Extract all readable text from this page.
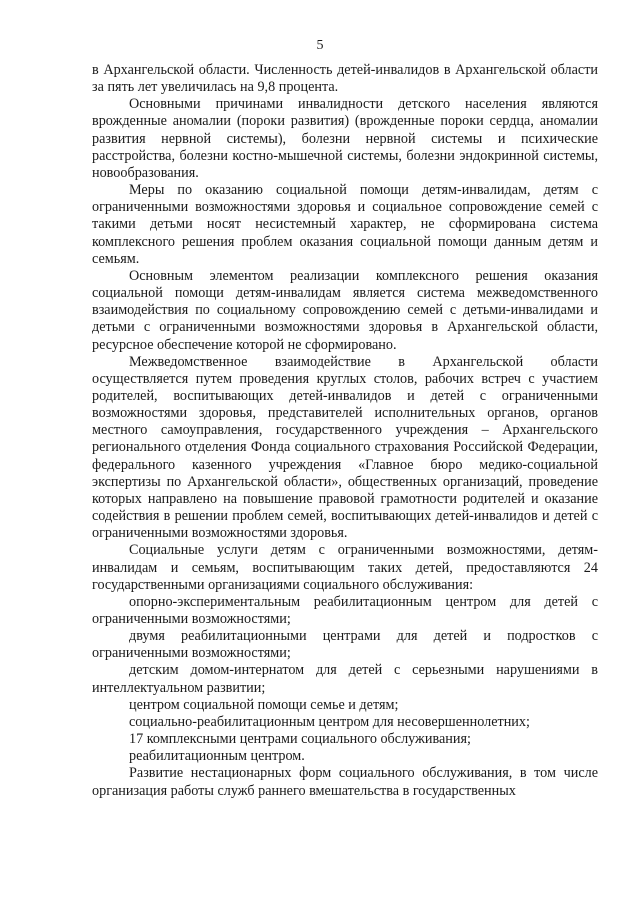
5

в Архангельской области. Численность детей-инвалидов в Архангельской области за пять лет увеличилась на 9,8 процента.

Основными причинами инвалидности детского населения являются врожденные аномалии (пороки развития) (врожденные пороки сердца, аномалии развития нервной системы), болезни нервной системы и психические расстройства, болезни костно-мышечной системы, болезни эндокринной системы, новообразования.

Меры по оказанию социальной помощи детям-инвалидам, детям с ограниченными возможностями здоровья и социальное сопровождение семей с такими детьми носят несистемный характер, не сформирована система комплексного решения проблем оказания социальной помощи данным детям и семьям.

Основным элементом реализации комплексного решения оказания социальной помощи детям-инвалидам является система межведомственного взаимодействия по социальному сопровождению семей с детьми-инвалидами и детьми с ограниченными возможностями здоровья в Архангельской области, ресурсное обеспечение которой не сформировано.

Межведомственное взаимодействие в Архангельской области осуществляется путем проведения круглых столов, рабочих встреч с участием родителей, воспитывающих детей-инвалидов и детей с ограниченными возможностями здоровья, представителей исполнительных органов, органов местного самоуправления, государственного учреждения – Архангельского регионального отделения Фонда социального страхования Российской Федерации, федерального казенного учреждения «Главное бюро медико-социальной экспертизы по Архангельской области», общественных организаций, проведение которых направлено на повышение правовой грамотности родителей и оказание содействия в решении проблем семей, воспитывающих детей-инвалидов и детей с ограниченными возможностями здоровья.

Социальные услуги детям с ограниченными возможностями, детям-инвалидам и семьям, воспитывающим таких детей, предоставляются 24 государственными организациями социального обслуживания:

опорно-экспериментальным реабилитационным центром для детей с ограниченными возможностями;

двумя реабилитационными центрами для детей и подростков с ограниченными возможностями;

детским домом-интернатом для детей с серьезными нарушениями в интеллектуальном развитии;

центром социальной помощи семье и детям;

социально-реабилитационным центром для несовершеннолетних;

17 комплексными центрами социального обслуживания;

реабилитационным центром.

Развитие нестационарных форм социального обслуживания, в том числе организация работы служб раннего вмешательства в государственных
